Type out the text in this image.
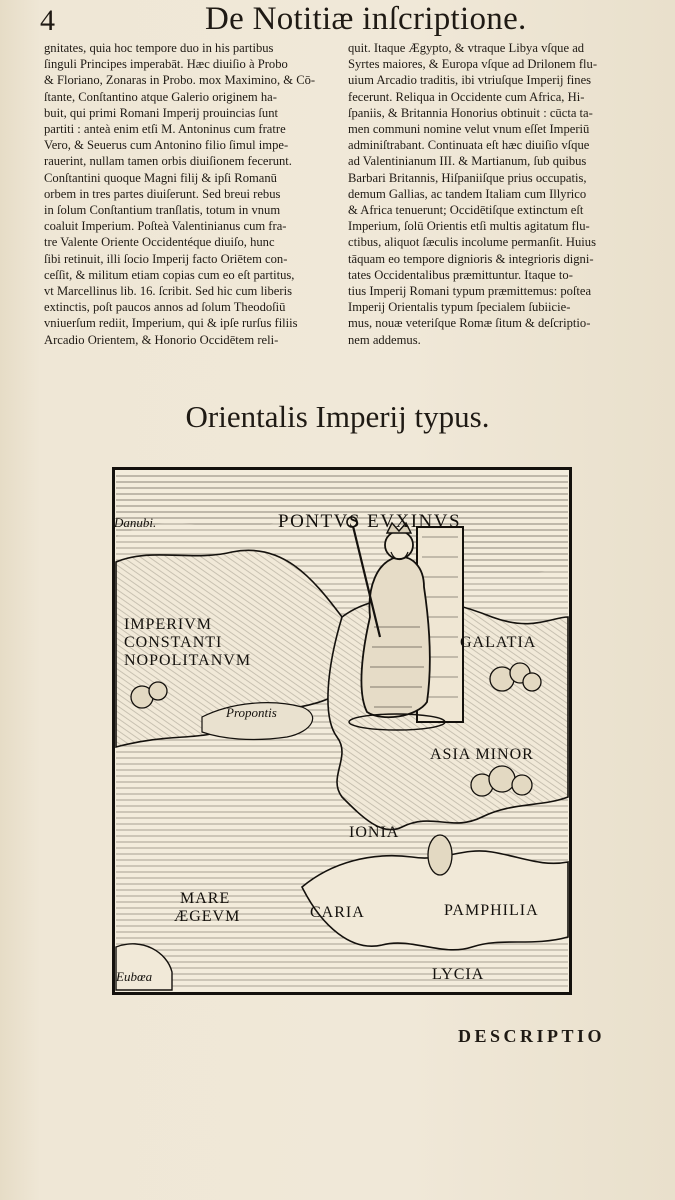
4	De Notitiæ inſcriptione.
gnitates, quia hoc tempore duo in his partibus
ſinguli Principes imperabāt. Hæc diuiſio à Probo
& Floriano, Zonaras in Probo. mox Maximino, & Cō-
ſtante, Conſtantino atque Galerio originem ha-
buit, qui primi Romani Imperij prouincias ſunt
partiti : anteà enim etſi M. Antoninus cum fratre
Vero, & Seuerus cum Antonino filio ſimul impe-
rauerint, nullam tamen orbis diuiſionem fecerunt.
Conſtantini quoque Magni filij & ipſi Romanū
orbem in tres partes diuiſerunt. Sed breui rebus
in ſolum Conſtantium tranſlatis, totum in vnum
coaluit Imperium. Poſteà Valentinianus cum fra-
tre Valente Oriente Occidentéque diuiſo, hunc
ſibi retinuit, illi ſocio Imperij facto Oriētem con-
ceſſit, & militum etiam copias cum eo eſt partitus,
vt Marcellinus lib. 16. ſcribit. Sed hic cum liberis
extinctis, poſt paucos annos ad ſolum Theodoſiū
vniuerſum rediit, Imperium, qui & ipſe rurſus filiis
Arcadio Orientem, & Honorio Occidētem reli-
quit. Itaque Ægypto, & vtraque Libya vſque ad
Syrtes maiores, & Europa vſque ad Drilonem flu-
uium Arcadio traditis, ibi vtriuſque Imperij fines
fecerunt. Reliqua in Occidente cum Africa, Hi-
ſpaniis, & Britannia Honorius obtinuit : cūcta ta-
men communi nomine velut vnum eſſet Imperiū
adminiſtrabant. Continuata eſt hæc diuiſio vſque
ad Valentinianum III. & Martianum, ſub quibus
Barbari Britannis, Hiſpaniiſque prius occupatis,
demum Gallias, ac tandem Italiam cum Illyrico
& Africa tenuerunt; Occidētiſque extinctum eſt
Imperium, ſolū Orientis etſi multis agitatum flu-
ctibus, aliquot ſæculis incolume permanſit. Huius
tāquam eo tempore dignioris & integrioris digni-
tates Occidentalibus præmittuntur. Itaque to-
tius Imperij Romani typum præmittemus: poſtea
Imperij Orientalis typum ſpecialem ſubiicie-
mus, nouæ veteriſque Romæ ſitum & deſcriptio-
nem addemus.
Orientalis Imperij typus.
Danubi.	PONTVS EVXINVS
IMPERIVM
CONSTANTI
NOPOLITANVM
GALATIA
Propontis
ASIA MINOR
IONIA
MARE
ÆGEVM	CARIA	PAMPHILIA
Eubœa	LYCIA
DESCRIPTIO
